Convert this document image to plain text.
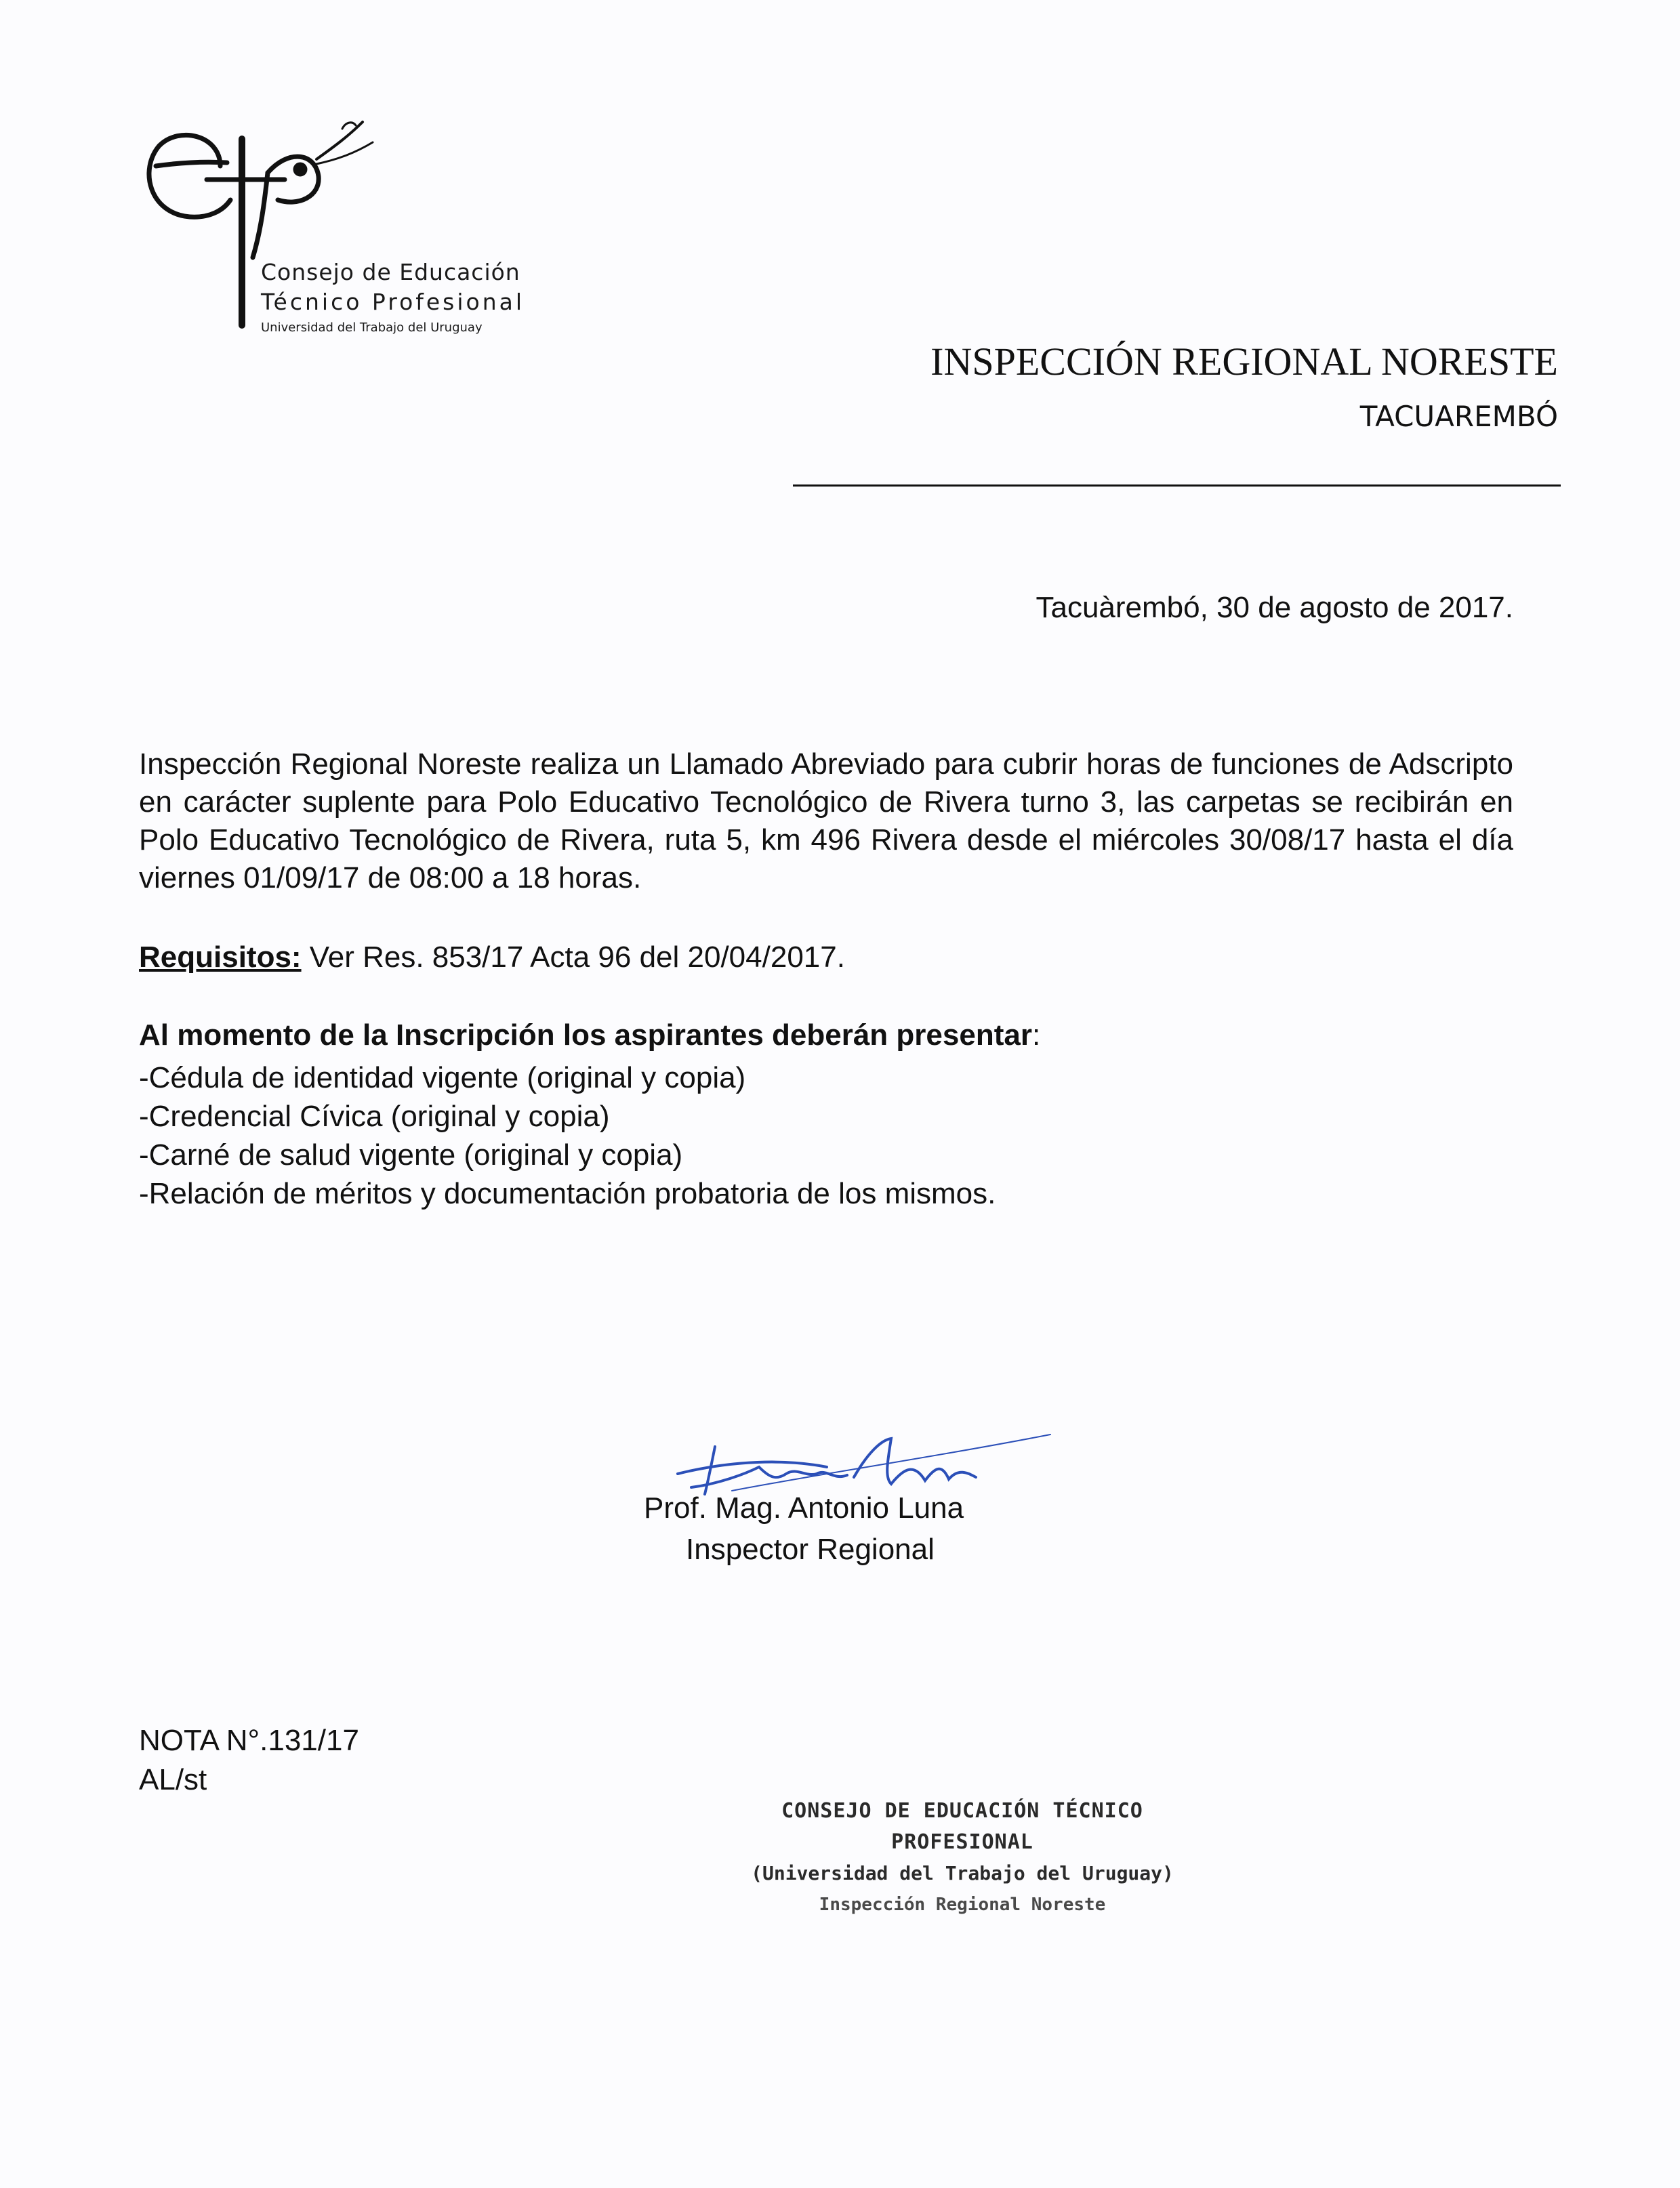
Consejo de Educación
Técnico Profesional
Universidad del Trabajo del Uruguay
INSPECCIÓN REGIONAL NORESTE
TACUAREMBÓ
Tacuàrembó, 30 de agosto de 2017.
Inspección Regional Noreste realiza un Llamado Abreviado para cubrir horas de funciones de Adscripto en carácter suplente para Polo Educativo Tecnológico de Rivera turno 3, las carpetas se recibirán en Polo Educativo Tecnológico de Rivera, ruta 5, km 496 Rivera desde el miércoles 30/08/17 hasta el día viernes 01/09/17 de 08:00 a 18 horas.
Requisitos: Ver Res. 853/17 Acta 96 del 20/04/2017.
Al momento de la Inscripción los aspirantes deberán presentar:
-Cédula de identidad vigente (original y copia)
-Credencial Cívica (original y copia)
-Carné de salud vigente (original y copia)
-Relación de méritos y documentación probatoria de los mismos.
Prof. Mag. Antonio Luna
Inspector Regional
NOTA N°.131/17
AL/st
CONSEJO DE EDUCACIÓN TÉCNICO PROFESIONAL
(Universidad del Trabajo del Uruguay)
Inspección Regional Noreste
